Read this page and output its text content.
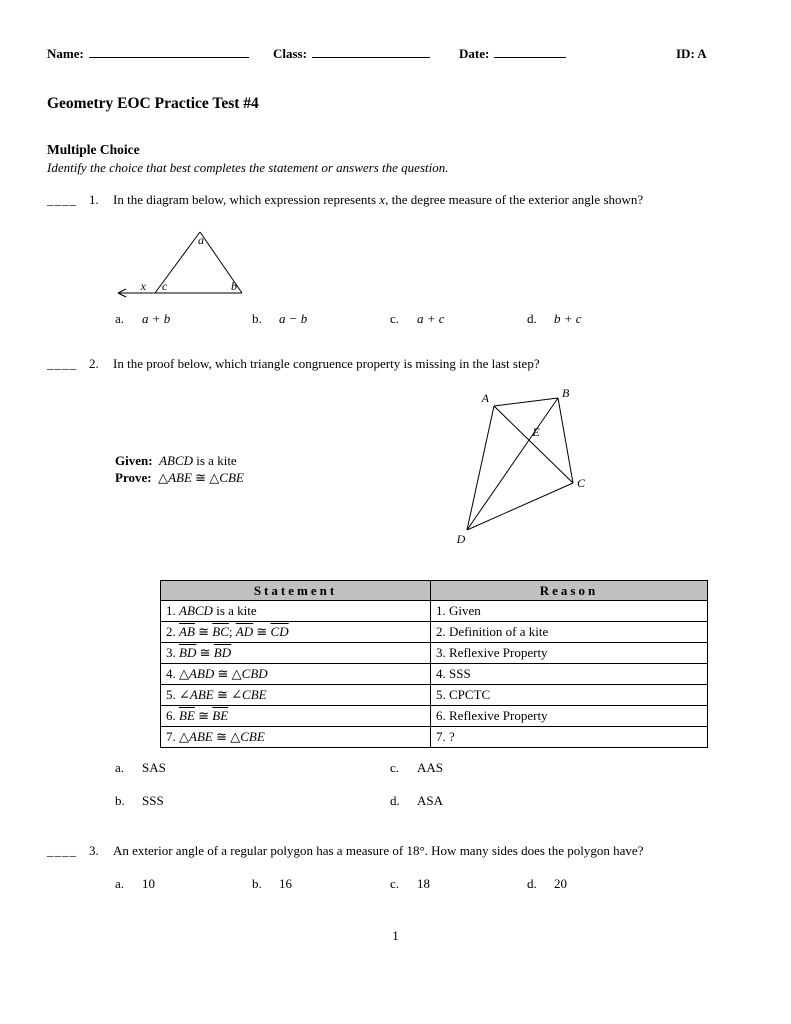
Name:	Class:	Date:	ID: A
Geometry EOC Practice Test #4
Multiple Choice
Identify the choice that best completes the statement or answers the question.
____ 1. In the diagram below, which expression represents x, the degree measure of the exterior angle shown?
a
x c	b
a. a + b	b. a − b	c. a + c	d. b + c
____ 2. In the proof below, which triangle congruence property is missing in the last step?
A	B
E
C
D
Given: ABCD is a kite
Prove: △ABE ≅ △CBE
Statement	Reason
1. ABCD is a kite	1. Given
2. $\overline{AB}$ ≅ $\overline{BC}$; $\overline{AD}$ ≅ $\overline{CD}$	2. Definition of a kite
3. $\overline{BD}$ ≅ $\overline{BD}$	3. Reflexive Property
4. △ABD ≅ △CBD	4. SSS
5. ∠ABE ≅ ∠CBE	5. CPCTC
6. $\overline{BE}$ ≅ $\overline{BE}$	6. Reflexive Property
7. △ABE ≅ △CBE	7. ?
a. SAS	c. AAS
b. SSS	d. ASA
____ 3. An exterior angle of a regular polygon has a measure of 18°. How many sides does the polygon have?
a. 10	b. 16	c. 18	d. 20
1
